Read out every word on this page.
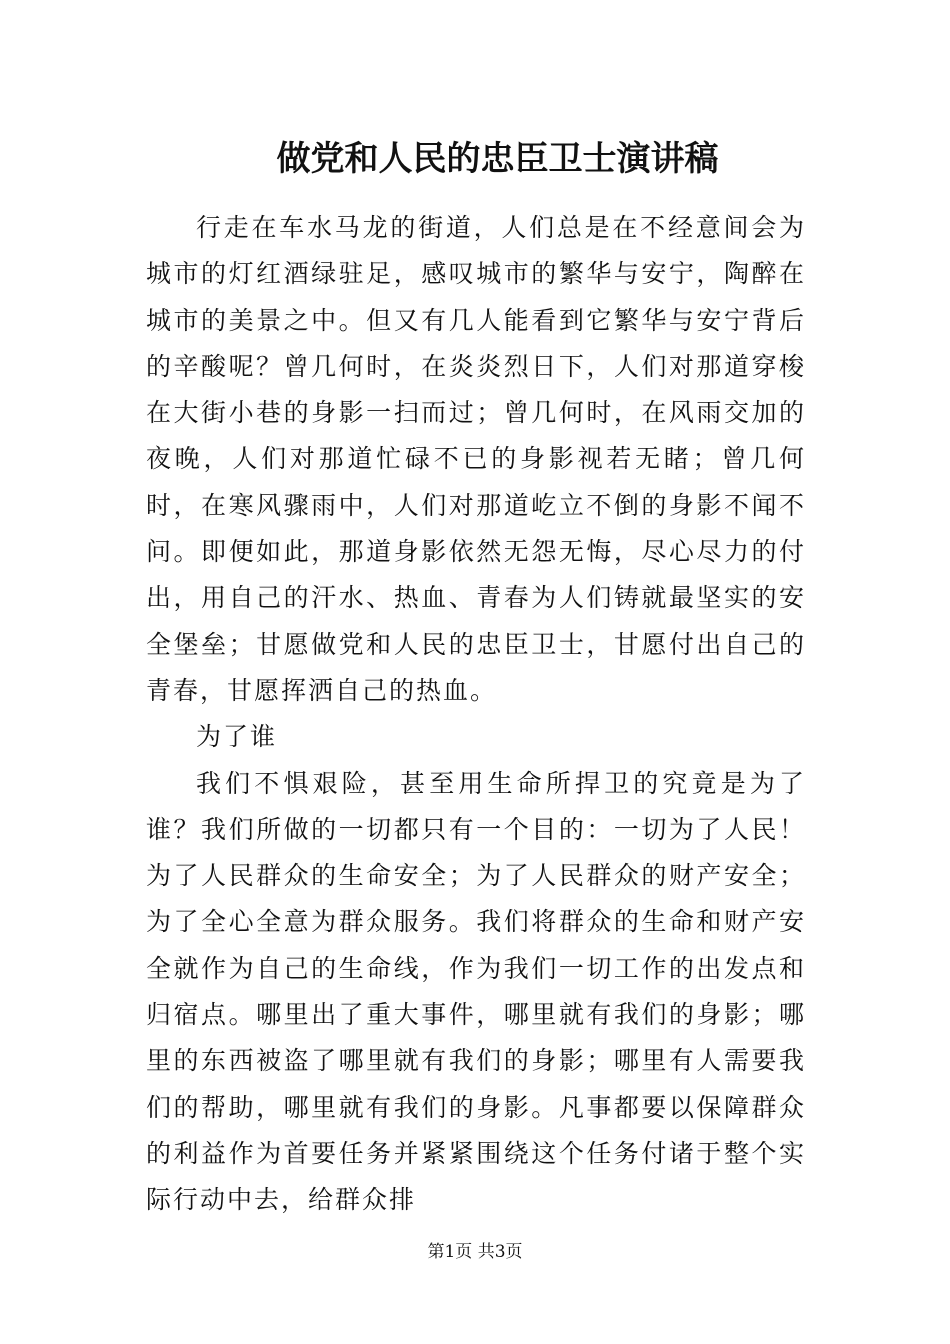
做党和人民的忠臣卫士演讲稿

行走在车水马龙的街道，人们总是在不经意间会为城市的灯红酒绿驻足，感叹城市的繁华与安宁，陶醉在城市的美景之中。但又有几人能看到它繁华与安宁背后的辛酸呢？曾几何时，在炎炎烈日下，人们对那道穿梭在大街小巷的身影一扫而过；曾几何时，在风雨交加的夜晚，人们对那道忙碌不已的身影视若无睹；曾几何时，在寒风骤雨中，人们对那道屹立不倒的身影不闻不问。即便如此，那道身影依然无怨无悔，尽心尽力的付出，用自己的汗水、热血、青春为人们铸就最坚实的安全堡垒；甘愿做党和人民的忠臣卫士，甘愿付出自己的青春，甘愿挥洒自己的热血。

为了谁

我们不惧艰险，甚至用生命所捍卫的究竟是为了谁？我们所做的一切都只有一个目的：一切为了人民！为了人民群众的生命安全；为了人民群众的财产安全；为了全心全意为群众服务。我们将群众的生命和财产安全就作为自己的生命线，作为我们一切工作的出发点和归宿点。哪里出了重大事件，哪里就有我们的身影；哪里的东西被盗了哪里就有我们的身影；哪里有人需要我们的帮助，哪里就有我们的身影。凡事都要以保障群众的利益作为首要任务并紧紧围绕这个任务付诸于整个实际行动中去，给群众排

第1页 共3页
